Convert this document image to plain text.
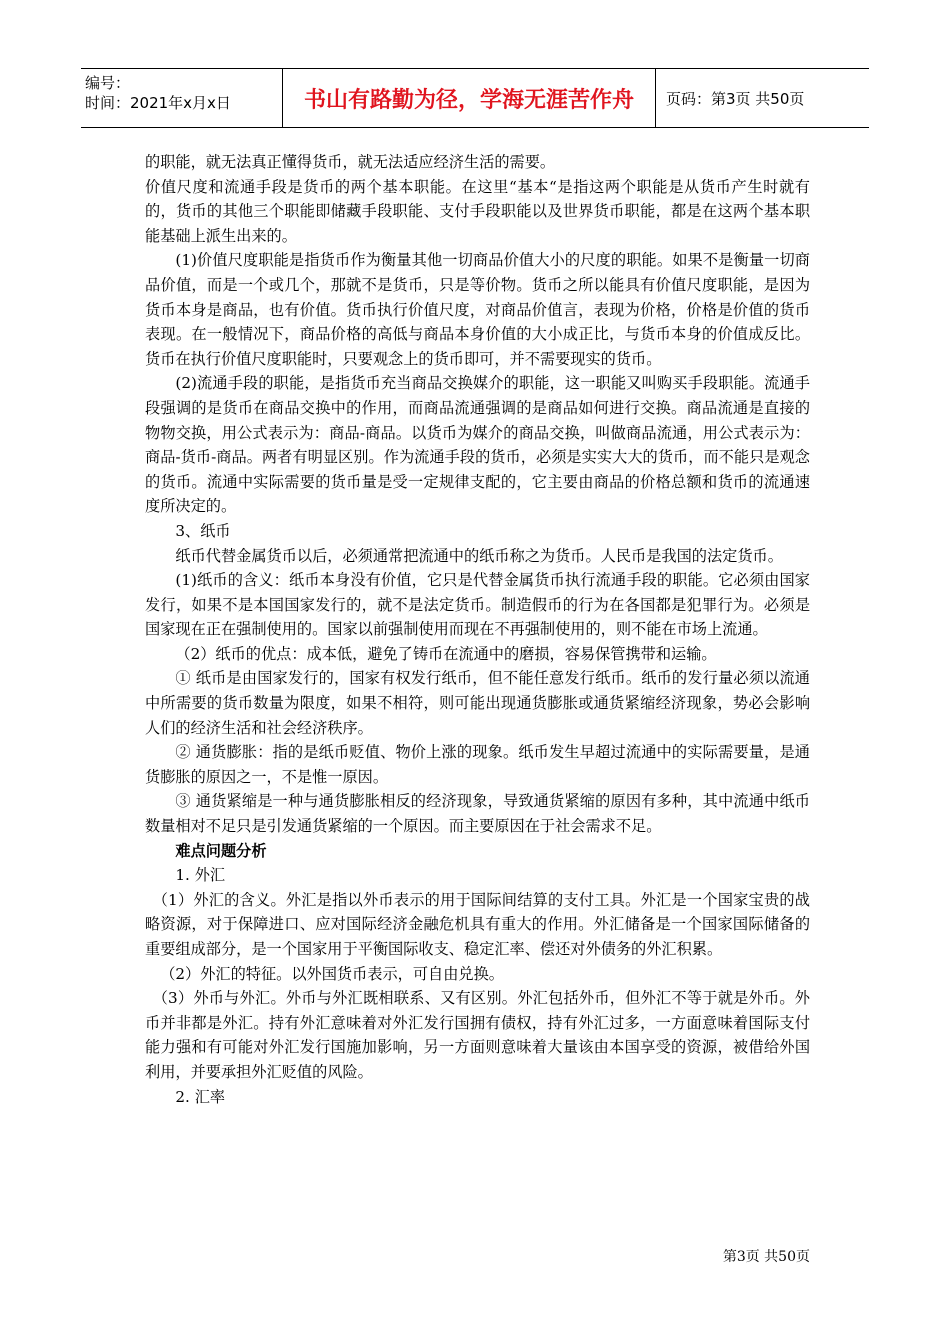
编号：
时间：2021年x月x日	书山有路勤为径，学海无涯苦作舟	页码：第3页 共50页

的职能，就无法真正懂得货币，就无法适应经济生活的需要。

价值尺度和流通手段是货币的两个基本职能。在这里“基本“是指这两个职能是从货币产生时就有的，货币的其他三个职能即储藏手段职能、支付手段职能以及世界货币职能，都是在这两个基本职能基础上派生出来的。

(1)价值尺度职能是指货币作为衡量其他一切商品价值大小的尺度的职能。如果不是衡量一切商品价值，而是一个或几个，那就不是货币，只是等价物。货币之所以能具有价值尺度职能，是因为货币本身是商品，也有价值。货币执行价值尺度，对商品价值言，表现为价格，价格是价值的货币表现。在一般情况下，商品价格的高低与商品本身价值的大小成正比，与货币本身的价值成反比。货币在执行价值尺度职能时，只要观念上的货币即可，并不需要现实的货币。

(2)流通手段的职能，是指货币充当商品交换媒介的职能，这一职能又叫购买手段职能。流通手段强调的是货币在商品交换中的作用，而商品流通强调的是商品如何进行交换。商品流通是直接的物物交换，用公式表示为：商品-商品。以货币为媒介的商品交换，叫做商品流通，用公式表示为：商品-货币-商品。两者有明显区别。作为流通手段的货币，必须是实实大大的货币，而不能只是观念的货币。流通中实际需要的货币量是受一定规律支配的，它主要由商品的价格总额和货币的流通速度所决定的。

3、纸币

纸币代替金属货币以后，必须通常把流通中的纸币称之为货币。人民币是我国的法定货币。

(1)纸币的含义：纸币本身没有价值，它只是代替金属货币执行流通手段的职能。它必须由国家发行，如果不是本国国家发行的，就不是法定货币。制造假币的行为在各国都是犯罪行为。必须是国家现在正在强制使用的。国家以前强制使用而现在不再强制使用的，则不能在市场上流通。

（2）纸币的优点：成本低，避免了铸币在流通中的磨损，容易保管携带和运输。

① 纸币是由国家发行的，国家有权发行纸币，但不能任意发行纸币。纸币的发行量必须以流通中所需要的货币数量为限度，如果不相符，则可能出现通货膨胀或通货紧缩经济现象，势必会影响人们的经济生活和社会经济秩序。

② 通货膨胀：指的是纸币贬值、物价上涨的现象。纸币发生早超过流通中的实际需要量，是通货膨胀的原因之一，不是惟一原因。

③ 通货紧缩是一种与通货膨胀相反的经济现象，导致通货紧缩的原因有多种，其中流通中纸币数量相对不足只是引发通货紧缩的一个原因。而主要原因在于社会需求不足。

难点问题分析

1. 外汇

（1）外汇的含义。外汇是指以外币表示的用于国际间结算的支付工具。外汇是一个国家宝贵的战略资源，对于保障进口、应对国际经济金融危机具有重大的作用。外汇储备是一个国家国际储备的重要组成部分，是一个国家用于平衡国际收支、稳定汇率、偿还对外债务的外汇积累。

（2）外汇的特征。以外国货币表示，可自由兑换。

（3）外币与外汇。外币与外汇既相联系、又有区别。外汇包括外币，但外汇不等于就是外币。外币并非都是外汇。持有外汇意味着对外汇发行国拥有债权，持有外汇过多，一方面意味着国际支付能力强和有可能对外汇发行国施加影响，另一方面则意味着大量该由本国享受的资源，被借给外国利用，并要承担外汇贬值的风险。

2. 汇率

第3页 共50页
